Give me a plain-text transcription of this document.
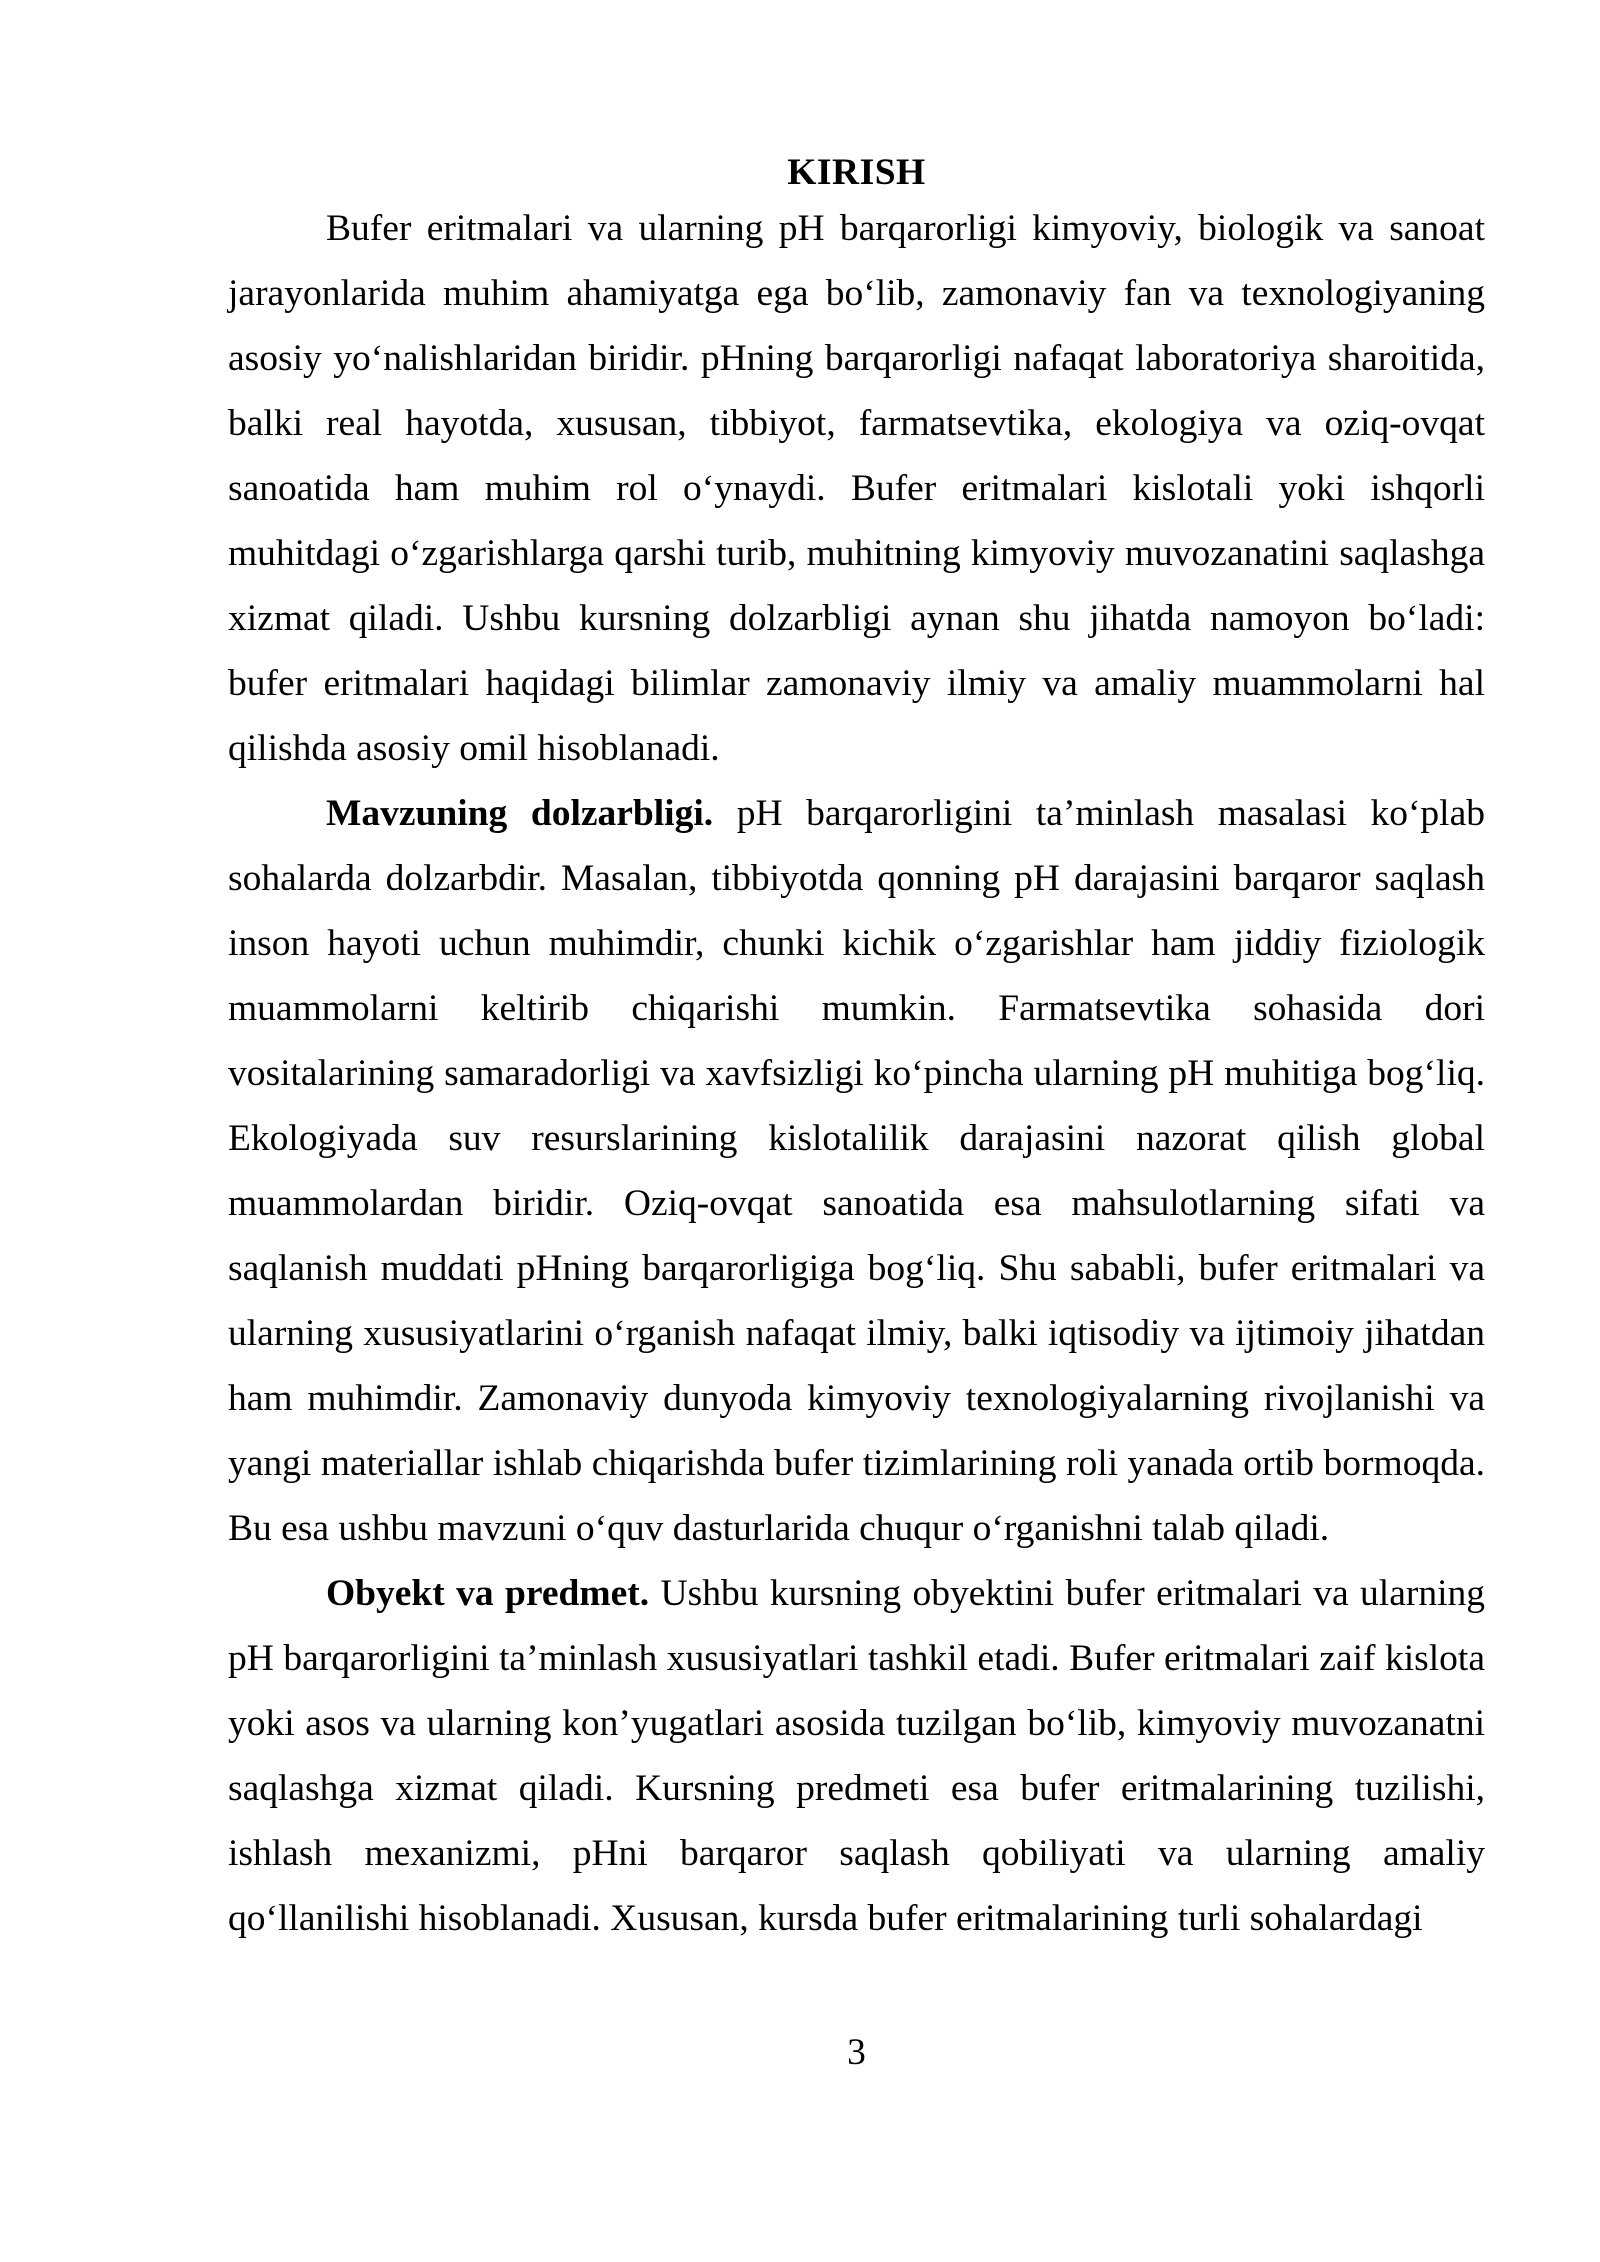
KIRISH

Bufer eritmalari va ularning pH barqarorligi kimyoviy, biologik va sanoat jarayonlarida muhim ahamiyatga ega bo‘lib, zamonaviy fan va texnologiyaning asosiy yo‘nalishlaridan biridir. pHning barqarorligi nafaqat laboratoriya sharoitida, balki real hayotda, xususan, tibbiyot, farmatsevtika, ekologiya va oziq-ovqat sanoatida ham muhim rol o‘ynaydi. Bufer eritmalari kislotali yoki ishqorli muhitdagi o‘zgarishlarga qarshi turib, muhitning kimyoviy muvozanatini saqlashga xizmat qiladi. Ushbu kursning dolzarbligi aynan shu jihatda namoyon bo‘ladi: bufer eritmalari haqidagi bilimlar zamonaviy ilmiy va amaliy muammolarni hal qilishda asosiy omil hisoblanadi.

Mavzuning dolzarbligi. pH barqarorligini ta’minlash masalasi ko‘plab sohalarda dolzarbdir. Masalan, tibbiyotda qonning pH darajasini barqaror saqlash inson hayoti uchun muhimdir, chunki kichik o‘zgarishlar ham jiddiy fiziologik muammolarni keltirib chiqarishi mumkin. Farmatsevtika sohasida dori vositalarining samaradorligi va xavfsizligi ko‘pincha ularning pH muhitiga bog‘liq. Ekologiyada suv resurslarining kislotalilik darajasini nazorat qilish global muammolardan biridir. Oziq-ovqat sanoatida esa mahsulotlarning sifati va saqlanish muddati pHning barqarorligiga bog‘liq. Shu sababli, bufer eritmalari va ularning xususiyatlarini o‘rganish nafaqat ilmiy, balki iqtisodiy va ijtimoiy jihatdan ham muhimdir. Zamonaviy dunyoda kimyoviy texnologiyalarning rivojlanishi va yangi materiallar ishlab chiqarishda bufer tizimlarining roli yanada ortib bormoqda. Bu esa ushbu mavzuni o‘quv dasturlarida chuqur o‘rganishni talab qiladi.

Obyekt va predmet. Ushbu kursning obyektini bufer eritmalari va ularning pH barqarorligini ta’minlash xususiyatlari tashkil etadi. Bufer eritmalari zaif kislota yoki asos va ularning kon’yugatlari asosida tuzilgan bo‘lib, kimyoviy muvozanatni saqlashga xizmat qiladi. Kursning predmeti esa bufer eritmalarining tuzilishi, ishlash mexanizmi, pHni barqaror saqlash qobiliyati va ularning amaliy qo‘llanilishi hisoblanadi. Xususan, kursda bufer eritmalarining turli sohalardagi

3
